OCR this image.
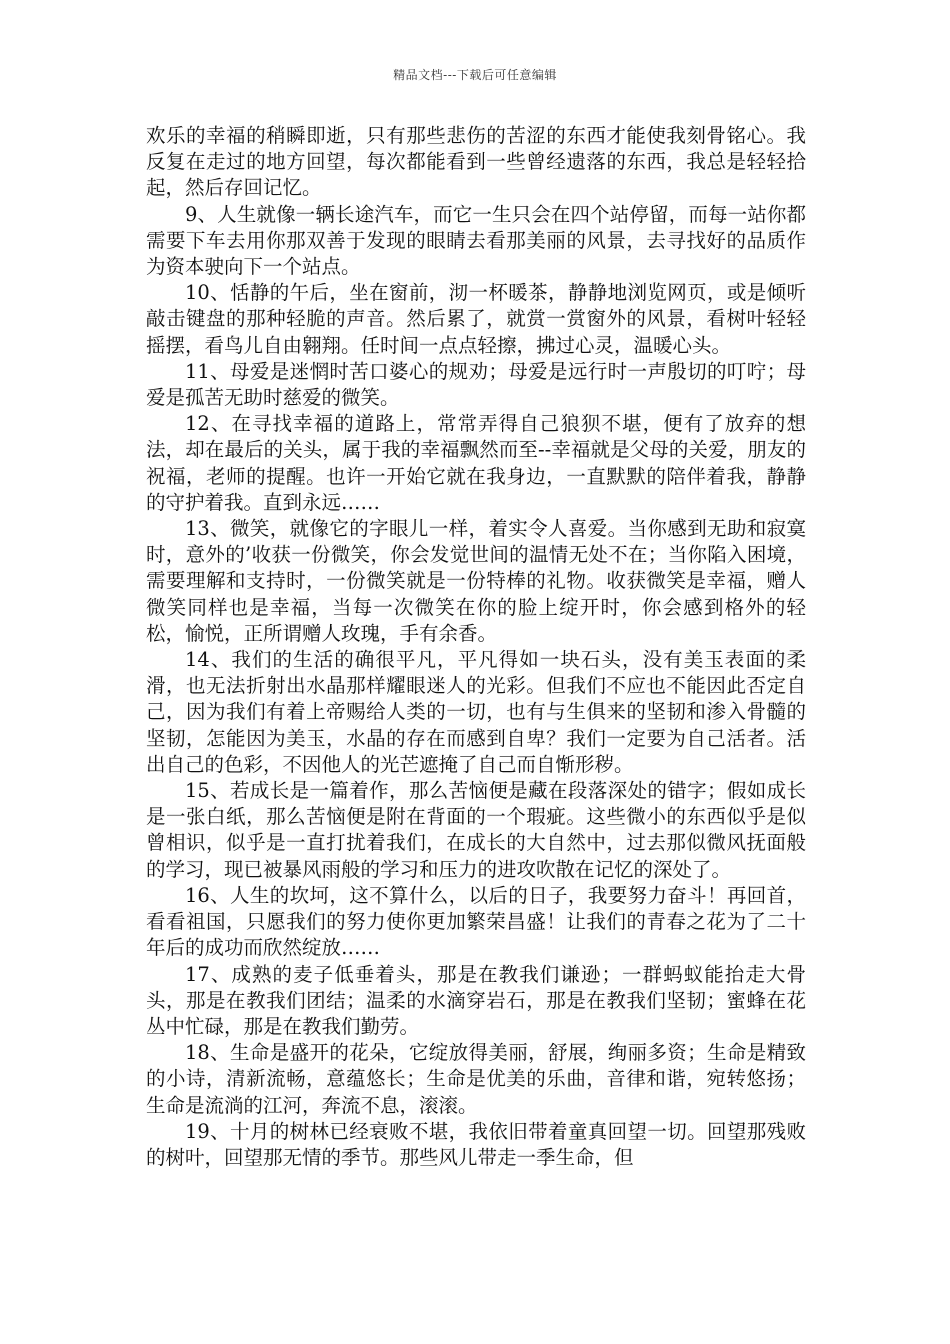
精品文档---下载后可任意编辑

欢乐的幸福的稍瞬即逝，只有那些悲伤的苦涩的东西才能使我刻骨铭心。我反复在走过的地方回望，每次都能看到一些曾经遗落的东西，我总是轻轻拾起，然后存回记忆。

9、人生就像一辆长途汽车，而它一生只会在四个站停留，而每一站你都需要下车去用你那双善于发现的眼睛去看那美丽的风景，去寻找好的品质作为资本驶向下一个站点。

10、恬静的午后，坐在窗前，沏一杯暖茶，静静地浏览网页，或是倾听敲击键盘的那种轻脆的声音。然后累了，就赏一赏窗外的风景，看树叶轻轻摇摆，看鸟儿自由翱翔。任时间一点点轻擦，拂过心灵，温暖心头。

11、母爱是迷惘时苦口婆心的规劝；母爱是远行时一声殷切的叮咛；母爱是孤苦无助时慈爱的微笑。

12、在寻找幸福的道路上，常常弄得自己狼狈不堪，便有了放弃的想法，却在最后的关头，属于我的幸福飘然而至--幸福就是父母的关爱，朋友的祝福，老师的提醒。也许一开始它就在我身边，一直默默的陪伴着我，静静的守护着我。直到永远……

13、微笑，就像它的字眼儿一样，着实令人喜爱。当你感到无助和寂寞时，意外的’收获一份微笑，你会发觉世间的温情无处不在；当你陷入困境，需要理解和支持时，一份微笑就是一份特棒的礼物。收获微笑是幸福，赠人微笑同样也是幸福，当每一次微笑在你的脸上绽开时，你会感到格外的轻松，愉悦，正所谓赠人玫瑰，手有余香。

14、我们的生活的确很平凡，平凡得如一块石头，没有美玉表面的柔滑，也无法折射出水晶那样耀眼迷人的光彩。但我们不应也不能因此否定自己，因为我们有着上帝赐给人类的一切，也有与生俱来的坚韧和渗入骨髓的坚韧，怎能因为美玉，水晶的存在而感到自卑？我们一定要为自己活者。活出自己的色彩，不因他人的光芒遮掩了自己而自惭形秽。

15、若成长是一篇着作，那么苦恼便是藏在段落深处的错字；假如成长是一张白纸，那么苦恼便是附在背面的一个瑕疵。这些微小的东西似乎是似曾相识，似乎是一直打扰着我们，在成长的大自然中，过去那似微风抚面般的学习，现已被暴风雨般的学习和压力的进攻吹散在记忆的深处了。

16、人生的坎坷，这不算什么，以后的日子，我要努力奋斗！再回首，看看祖国，只愿我们的努力使你更加繁荣昌盛！让我们的青春之花为了二十年后的成功而欣然绽放……

17、成熟的麦子低垂着头，那是在教我们谦逊；一群蚂蚁能抬走大骨头，那是在教我们团结；温柔的水滴穿岩石，那是在教我们坚韧；蜜蜂在花丛中忙碌，那是在教我们勤劳。

18、生命是盛开的花朵，它绽放得美丽，舒展，绚丽多资；生命是精致的小诗，清新流畅，意蕴悠长；生命是优美的乐曲，音律和谐，宛转悠扬；生命是流淌的江河，奔流不息，滚滚。

19、十月的树林已经衰败不堪，我依旧带着童真回望一切。回望那残败的树叶，回望那无情的季节。那些风儿带走一季生命，但
